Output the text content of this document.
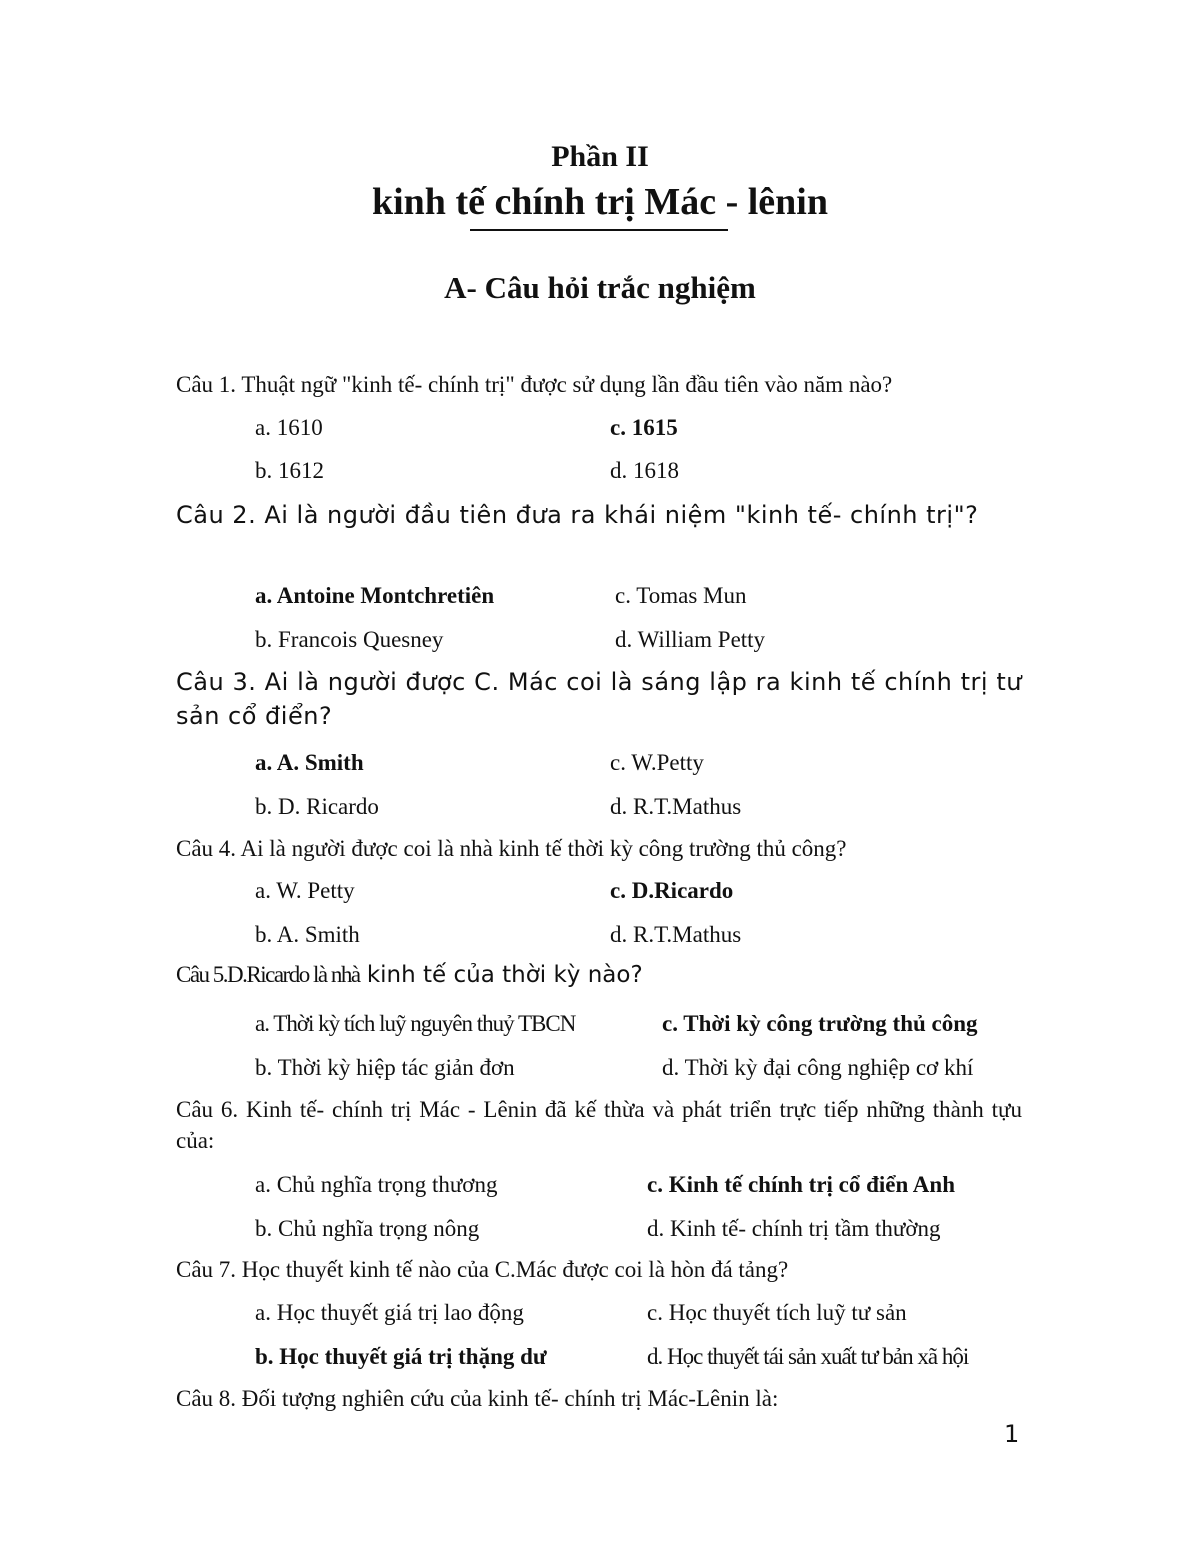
Phần II
kinh tế chính trị Mác - lênin
A- Câu hỏi trắc nghiệm
Câu 1. Thuật ngữ "kinh tế- chính trị" được sử dụng lần đầu tiên vào năm nào?
a. 1610	c. 1615
b. 1612	d. 1618
Câu 2. Ai là người đầu tiên đưa ra khái niệm "kinh tế- chính trị"?
a. Antoine Montchretiên	c. Tomas Mun
b. Francois Quesney	d. William Petty
Câu 3. Ai là người được C. Mác coi là sáng lập ra kinh tế chính trị tư sản cổ điển?
a. A. Smith	c. W.Petty
b. D. Ricardo	d. R.T.Mathus
Câu 4. Ai là người được coi là nhà kinh tế thời kỳ công trường thủ công?
a. W. Petty	c. D.Ricardo
b. A. Smith	d. R.T.Mathus
Câu 5.D.Ricardo là nhà kinh tế của thời kỳ nào?
a. Thời kỳ tích luỹ nguyên thuỷ TBCN	c. Thời kỳ công trường thủ công
b. Thời kỳ hiệp tác giản đơn	d. Thời kỳ đại công nghiệp cơ khí
Câu 6. Kinh tế- chính trị Mác - Lênin đã kế thừa và phát triển trực tiếp những thành tựu của:
a. Chủ nghĩa trọng thương	c. Kinh tế chính trị cổ điển Anh
b. Chủ nghĩa trọng nông	d. Kinh tế- chính trị tầm thường
Câu 7. Học thuyết kinh tế nào của C.Mác được coi là hòn đá tảng?
a. Học thuyết giá trị lao động	c. Học thuyết tích luỹ tư sản
b. Học thuyết giá trị thặng dư	d. Học thuyết tái sản xuất tư bản xã hội
Câu 8. Đối tượng nghiên cứu của kinh tế- chính trị Mác-Lênin là:
1
